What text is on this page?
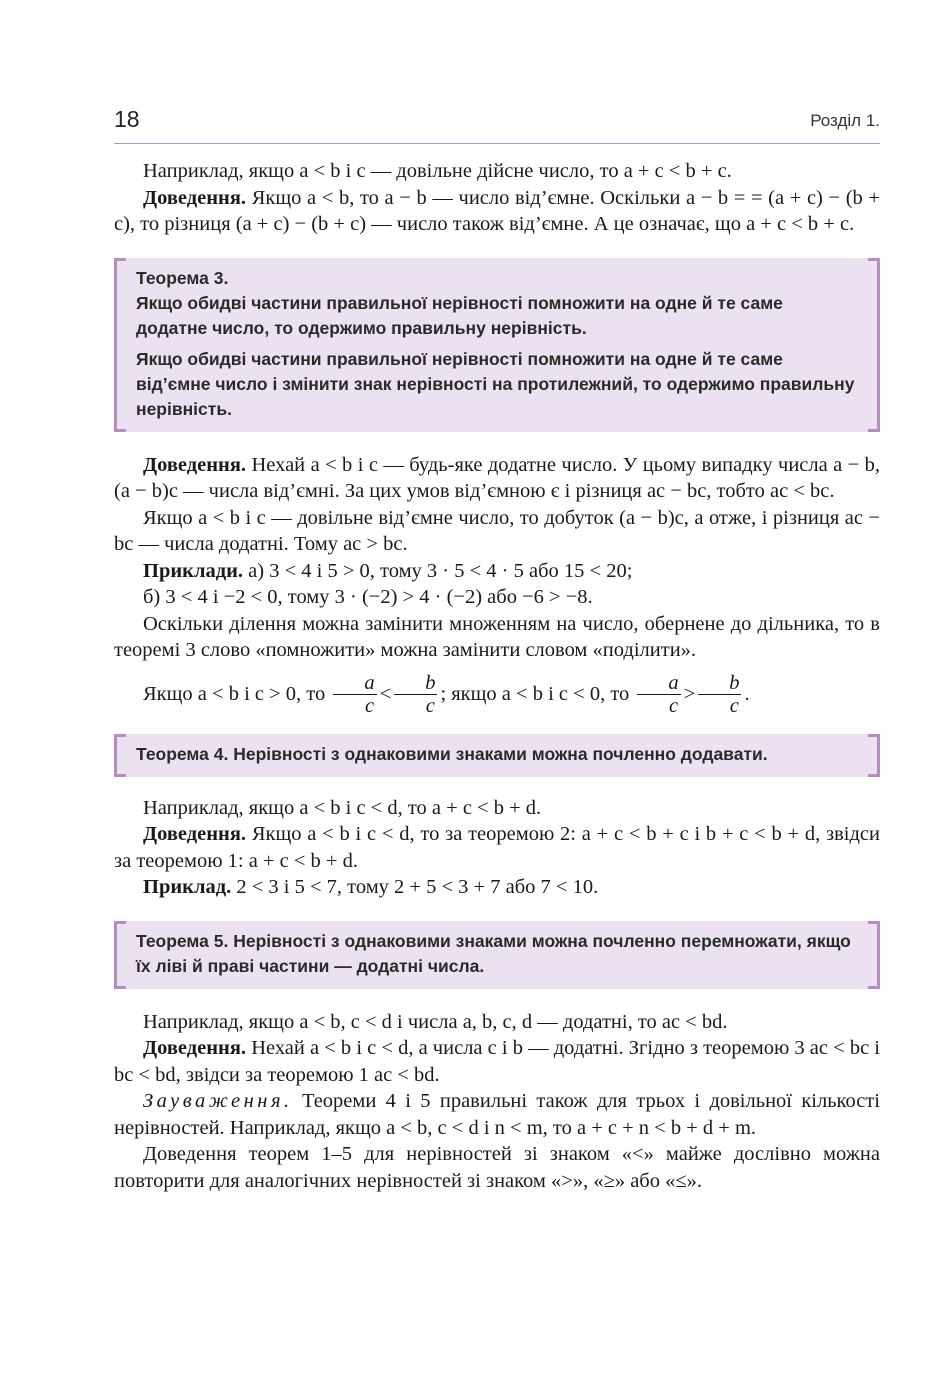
18	Розділ 1.

Наприклад, якщо a < b і c — довільне дійсне число, то a + c < b + c.

Доведення. Якщо a < b, то a − b — число від’ємне. Оскільки a − b = = (a + c) − (b + c), то різниця (a + c) − (b + c) — число також від’ємне. А це означає, що a + c < b + c.

Теорема 3.

Якщо обидві частини правильної нерівності помножити на одне й те саме додатне число, то одержимо правильну нерівність.

Якщо обидві частини правильної нерівності помножити на одне й те саме від’ємне число і змінити знак нерівності на протилежний, то одержимо правильну нерівність.

Доведення. Нехай a < b і c — будь-яке додатне число. У цьому випадку числа a − b, (a − b)c — числа від’ємні. За цих умов від’ємною є і різниця ac − bc, тобто ac < bc.

Якщо a < b і c — довільне від’ємне число, то добуток (a − b)c, а отже, і різниця ac − bc — числа додатні. Тому ac > bc.

Приклади. а) 3 < 4 і 5 > 0, тому 3 · 5 < 4 · 5 або 15 < 20;

б) 3 < 4 і −2 < 0, тому 3 · (−2) > 4 · (−2) або −6 > −8.

Оскільки ділення можна замінити множенням на число, обернене до дільника, то в теоремі 3 слово «помножити» можна замінити словом «поділити».

Якщо a < b і c > 0, то $\frac{a}{c} < \frac{b}{c}$ ; якщо a < b і c < 0, то $\frac{a}{c} > \frac{b}{c}$ .

Теорема 4. Нерівності з однаковими знаками можна почленно додавати.

Наприклад, якщо a < b і c < d, то a + c < b + d.

Доведення. Якщо a < b і c < d, то за теоремою 2: a + c < b + c і b + c < b + d, звідси за теоремою 1: a + c < b + d.

Приклад. 2 < 3 і 5 < 7, тому 2 + 5 < 3 + 7 або 7 < 10.

Теорема 5. Нерівності з однаковими знаками можна почленно перемножати, якщо їх ліві й праві частини — додатні числа.

Наприклад, якщо a < b, c < d і числа a, b, c, d — додатні, то ac < bd.

Доведення. Нехай a < b і c < d, а числа c і b — додатні. Згідно з теоремою 3 ac < bc і bc < bd, звідси за теоремою 1 ac < bd.

Зауваження. Теореми 4 і 5 правильні також для трьох і довільної кількості нерівностей. Наприклад, якщо a < b, c < d і n < m, то a + c + n < b + d + m.

Доведення теорем 1–5 для нерівностей зі знаком «<» майже дослівно можна повторити для аналогічних нерівностей зі знаком «>», «≥» або «≤».
